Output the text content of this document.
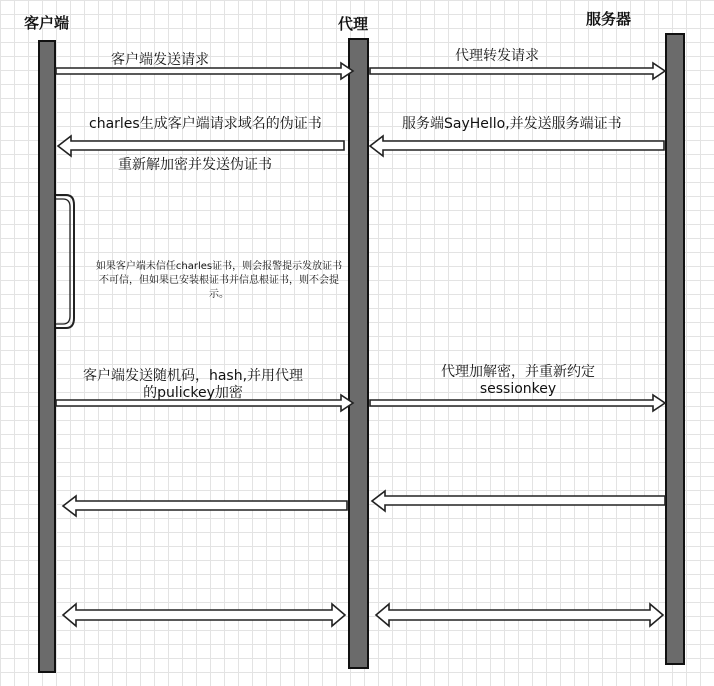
客户端	代理	服务器
客户端发送请求	代理转发请求
charles生成客户端请求域名的伪证书	服务端SayHello,并发送服务端证书
重新解加密并发送伪证书
客户端发送随机码，hash,并用代理
的pulickey加密
代理加解密，并重新约定
sessionkey
如果客户端未信任charles证书，则会报警提示发放证书不可信，但如果已安装根证书并信息根证书，则不会提示。
